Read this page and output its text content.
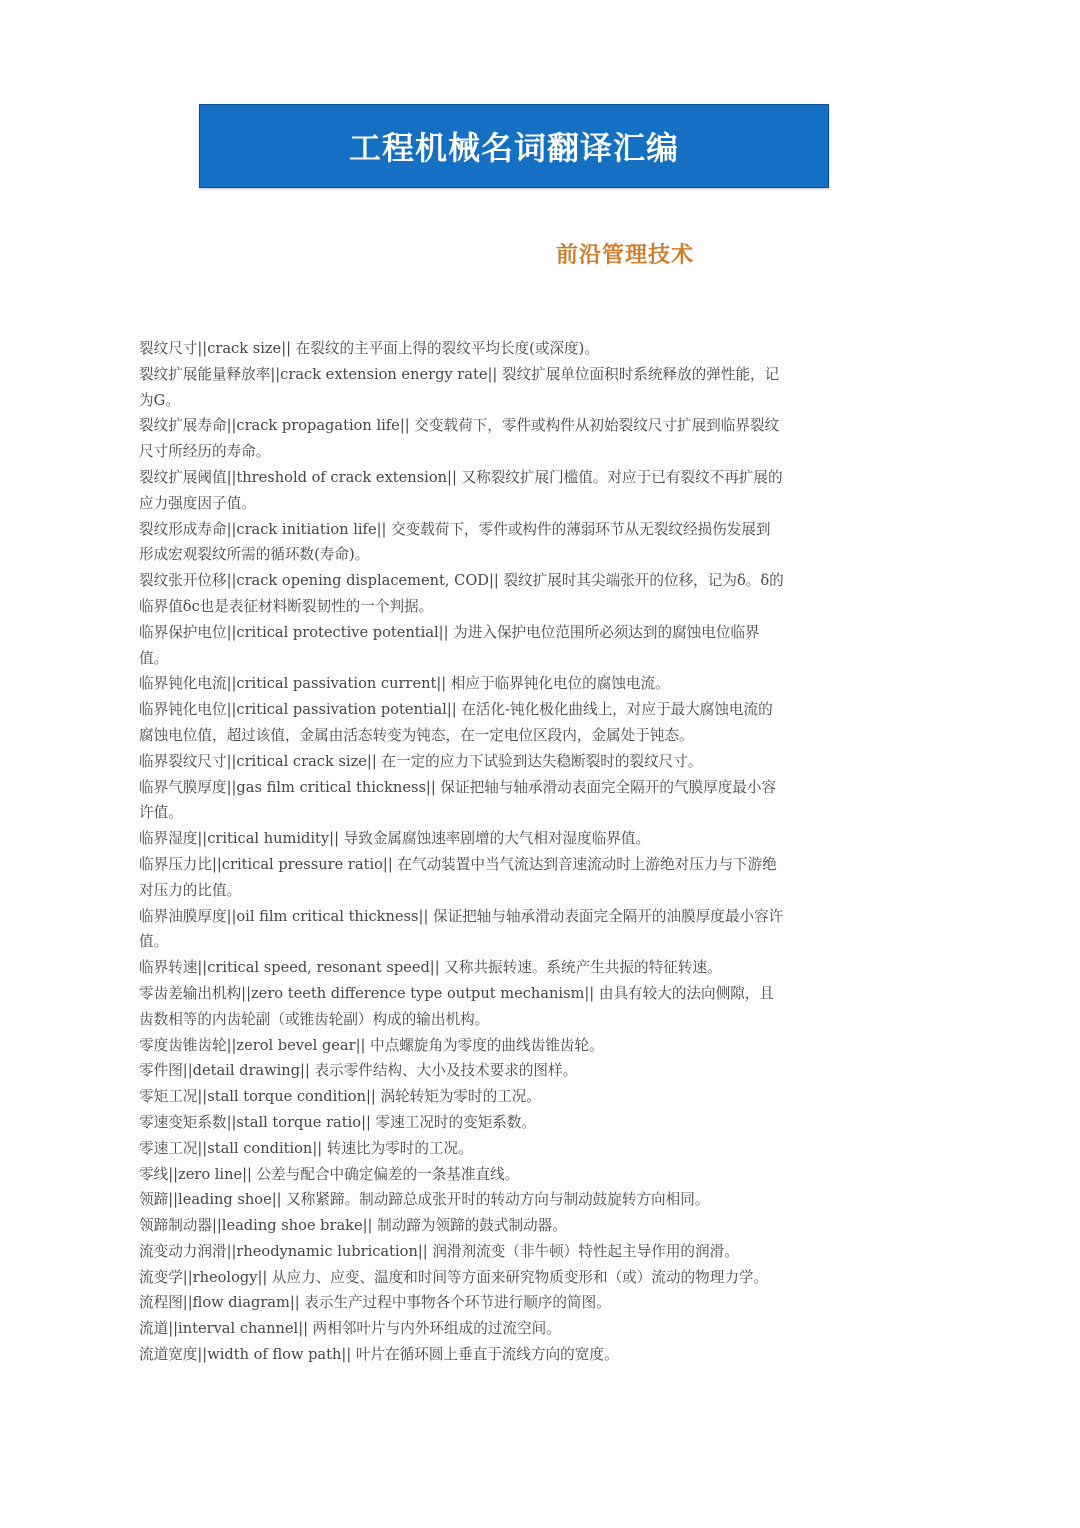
工程机械名词翻译汇编
前沿管理技术
裂纹尺寸||crack size|| 在裂纹的主平面上得的裂纹平均长度(或深度)。
裂纹扩展能量释放率||crack extension energy rate|| 裂纹扩展单位面积时系统释放的弹性能，记为G。
裂纹扩展寿命||crack propagation life|| 交变载荷下，零件或构件从初始裂纹尺寸扩展到临界裂纹尺寸所经历的寿命。
裂纹扩展阈值||threshold of crack extension|| 又称裂纹扩展门槛值。对应于已有裂纹不再扩展的应力强度因子值。
裂纹形成寿命||crack initiation life|| 交变载荷下，零件或构件的薄弱环节从无裂纹经损伤发展到形成宏观裂纹所需的循环数(寿命)。
裂纹张开位移||crack opening displacement, COD|| 裂纹扩展时其尖端张开的位移，记为δ。δ的临界值δc也是表征材料断裂韧性的一个判据。
临界保护电位||critical protective potential|| 为进入保护电位范围所必须达到的腐蚀电位临界值。
临界钝化电流||critical passivation current|| 相应于临界钝化电位的腐蚀电流。
临界钝化电位||critical passivation potential|| 在活化-钝化极化曲线上，对应于最大腐蚀电流的腐蚀电位值，超过该值，金属由活态转变为钝态，在一定电位区段内，金属处于钝态。
临界裂纹尺寸||critical crack size|| 在一定的应力下试验到达失稳断裂时的裂纹尺寸。
临界气膜厚度||gas film critical thickness|| 保证把轴与轴承滑动表面完全隔开的气膜厚度最小容许值。
临界湿度||critical humidity|| 导致金属腐蚀速率剧增的大气相对湿度临界值。
临界压力比||critical pressure ratio|| 在气动装置中当气流达到音速流动时上游绝对压力与下游绝对压力的比值。
临界油膜厚度||oil film critical thickness|| 保证把轴与轴承滑动表面完全隔开的油膜厚度最小容许值。
临界转速||critical speed, resonant speed|| 又称共振转速。系统产生共振的特征转速。
零齿差输出机构||zero teeth difference type output mechanism|| 由具有较大的法向侧隙，且齿数相等的内齿轮副（或锥齿轮副）构成的输出机构。
零度齿锥齿轮||zerol bevel gear|| 中点螺旋角为零度的曲线齿锥齿轮。
零件图||detail drawing|| 表示零件结构、大小及技术要求的图样。
零矩工况||stall torque condition|| 涡轮转矩为零时的工况。
零速变矩系数||stall torque ratio|| 零速工况时的变矩系数。
零速工况||stall condition|| 转速比为零时的工况。
零线||zero line|| 公差与配合中确定偏差的一条基准直线。
领蹄||leading shoe|| 又称紧蹄。制动蹄总成张开时的转动方向与制动鼓旋转方向相同。
领蹄制动器||leading shoe brake|| 制动蹄为领蹄的鼓式制动器。
流变动力润滑||rheodynamic lubrication|| 润滑剂流变（非牛顿）特性起主导作用的润滑。
流变学||rheology|| 从应力、应变、温度和时间等方面来研究物质变形和（或）流动的物理力学。
流程图||flow diagram|| 表示生产过程中事物各个环节进行顺序的简图。
流道||interval channel|| 两相邻叶片与内外环组成的过流空间。
流道宽度||width of flow path|| 叶片在循环圆上垂直于流线方向的宽度。
